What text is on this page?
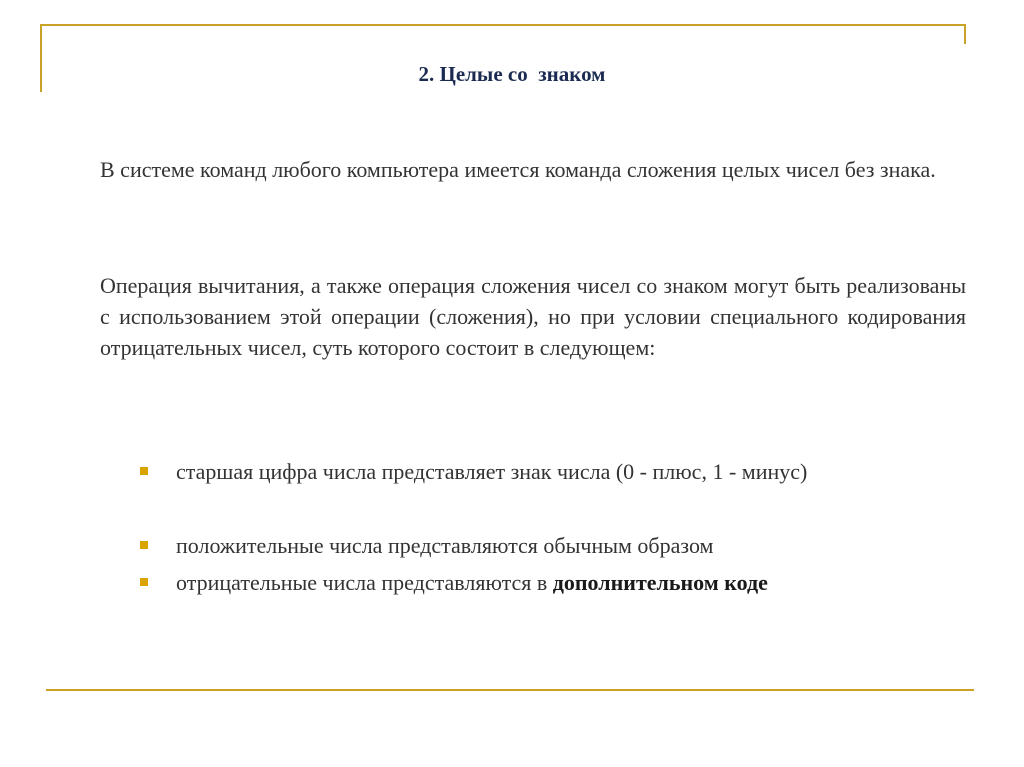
2. Целые со  знаком
В системе команд любого компьютера имеется команда сложения целых чисел без знака.
Операция вычитания, а также операция сложения чисел со знаком могут быть реализованы с использованием этой операции (сложения), но при условии специального кодирования отрицательных чисел, суть которого состоит в следующем:
старшая цифра числа представляет знак числа (0 - плюс, 1 - минус)
положительные числа представляются обычным образом
отрицательные числа представляются в дополнительном коде
